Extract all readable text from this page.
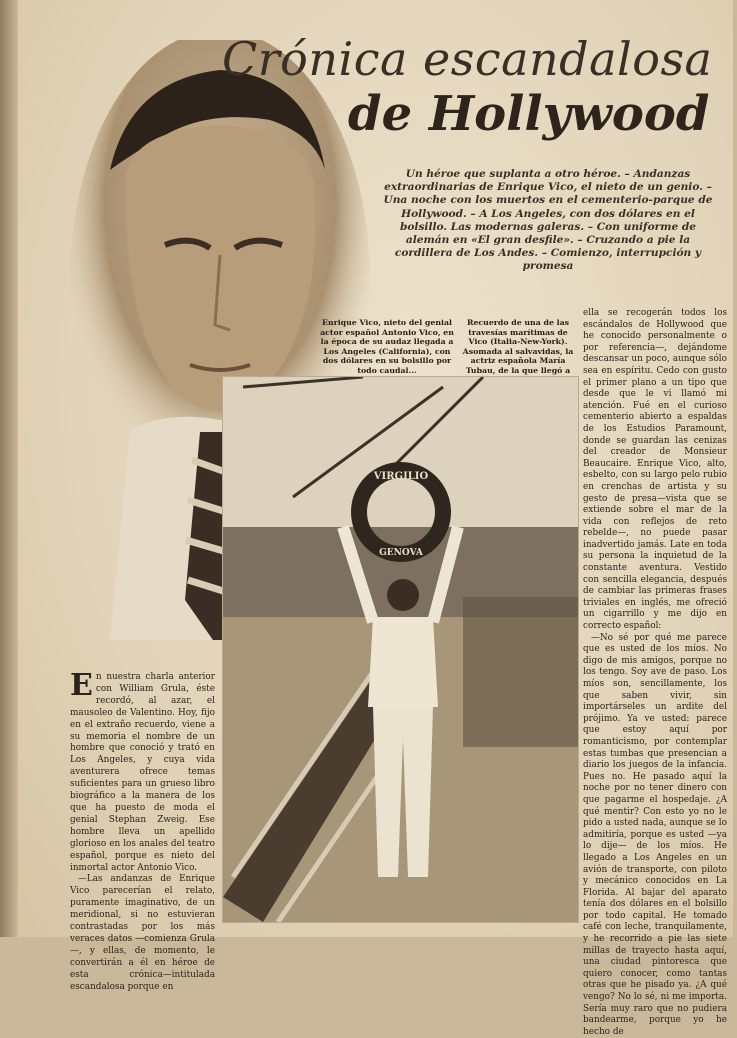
Crónica escandalosa
de Hollywood
Un héroe que suplanta a otro héroe. – Andanzas extraordinarias de Enrique Vico, el nieto de un genio. – Una noche con los muertos en el cementerio-parque de Hollywood. – A Los Angeles, con dos dólares en el bolsillo. Las modernas galeras. – Con uniforme de alemán en «El gran desfile». – Cruzando a pie la cordillera de Los Andes. – Comienzo, interrupción y promesa
Enrique Vico, nieto del genial actor español Antonio Vico, en la época de su audaz llegada a Los Angeles (California), con dos dólares en su bolsillo por todo caudal...
Recuerdo de una de las travesías marítimas de Vico (Italia-New-York). Asomada al salvavidas, la actriz española María Tubau, de la que llegó a
VIRGILIO
GENOVA

En nuestra charla anterior con William Grula, éste recordó, al azar, el mausoleo de Valentino. Hoy, fijo en el extraño recuerdo, viene a su memoria el nombre de un hombre que conoció y trató en Los Angeles, y cuya vida aventurera ofrece temas suficientes para un grueso libro biográfico a la manera de los que ha puesto de moda el genial Stephan Zweig. Ese hombre lleva un apellido glorioso en los anales del teatro español, porque es nieto del inmortal actor Antonio Vico.

—Las andanzas de Enrique Vico parecerían el relato, puramente imaginativo, de un meridional, si no estuvieran contrastadas por los más veraces datos —comienza Grula—, y ellas, de momento, le convertirán a él en héroe de esta crónica—intitulada escandalosa porque en

ella se recogerán todos los escándalos de Hollywood que he conocido personalmente o por referencia—, dejándome descansar un poco, aunque sólo sea en espíritu. Cedo con gusto el primer plano a un tipo que desde que le vi llamó mi atención. Fué en el curioso cementerio abierto a espaldas de los Estudios Paramount, donde se guardan las cenizas del creador de Monsieur Beaucaire. Enrique Vico, alto, esbelto, con su largo pelo rubio en crenchas de artista y su gesto de presa—vista que se extiende sobre el mar de la vida con reflejos de reto rebelde—, no puede pasar inadvertido jamás. Late en toda su persona la inquietud de la constante aventura. Vestido con sencilla elegancia, después de cambiar las primeras frases triviales en inglés, me ofreció un cigarrillo y me dijo en correcto español:

—No sé por qué me parece que es usted de los míos. No digo de mis amigos, porque no los tengo. Soy ave de paso. Los míos son, sencillamente, los que saben vivir, sin importárseles un ardite del prójimo. Ya ve usted: parece que estoy aquí por romanticismo, por contemplar estas tumbas que presencian a diario los juegos de la infancia. Pues no. He pasado aquí la noche por no tener dinero con que pagarme el hospedaje. ¿A qué mentir? Con esto yo no le pido a usted nada, aunque se lo admitiría, porque es usted —ya lo dije— de los míos. He llegado a Los Angeles en un avión de transporte, con piloto y mecánico conocidos en La Florida. Al bajar del aparato tenía dos dólares en el bolsillo por todo capital. He tomado café con leche, tranquilamente, y he recorrido a pie las siete millas de trayecto hasta aquí, una ciudad pintoresca que quiero conocer, como tantas otras que he pisado ya. ¿A qué vengo? No lo sé, ni me importa. Sería muy raro que no pudiera bandearme, porque yo he hecho de
